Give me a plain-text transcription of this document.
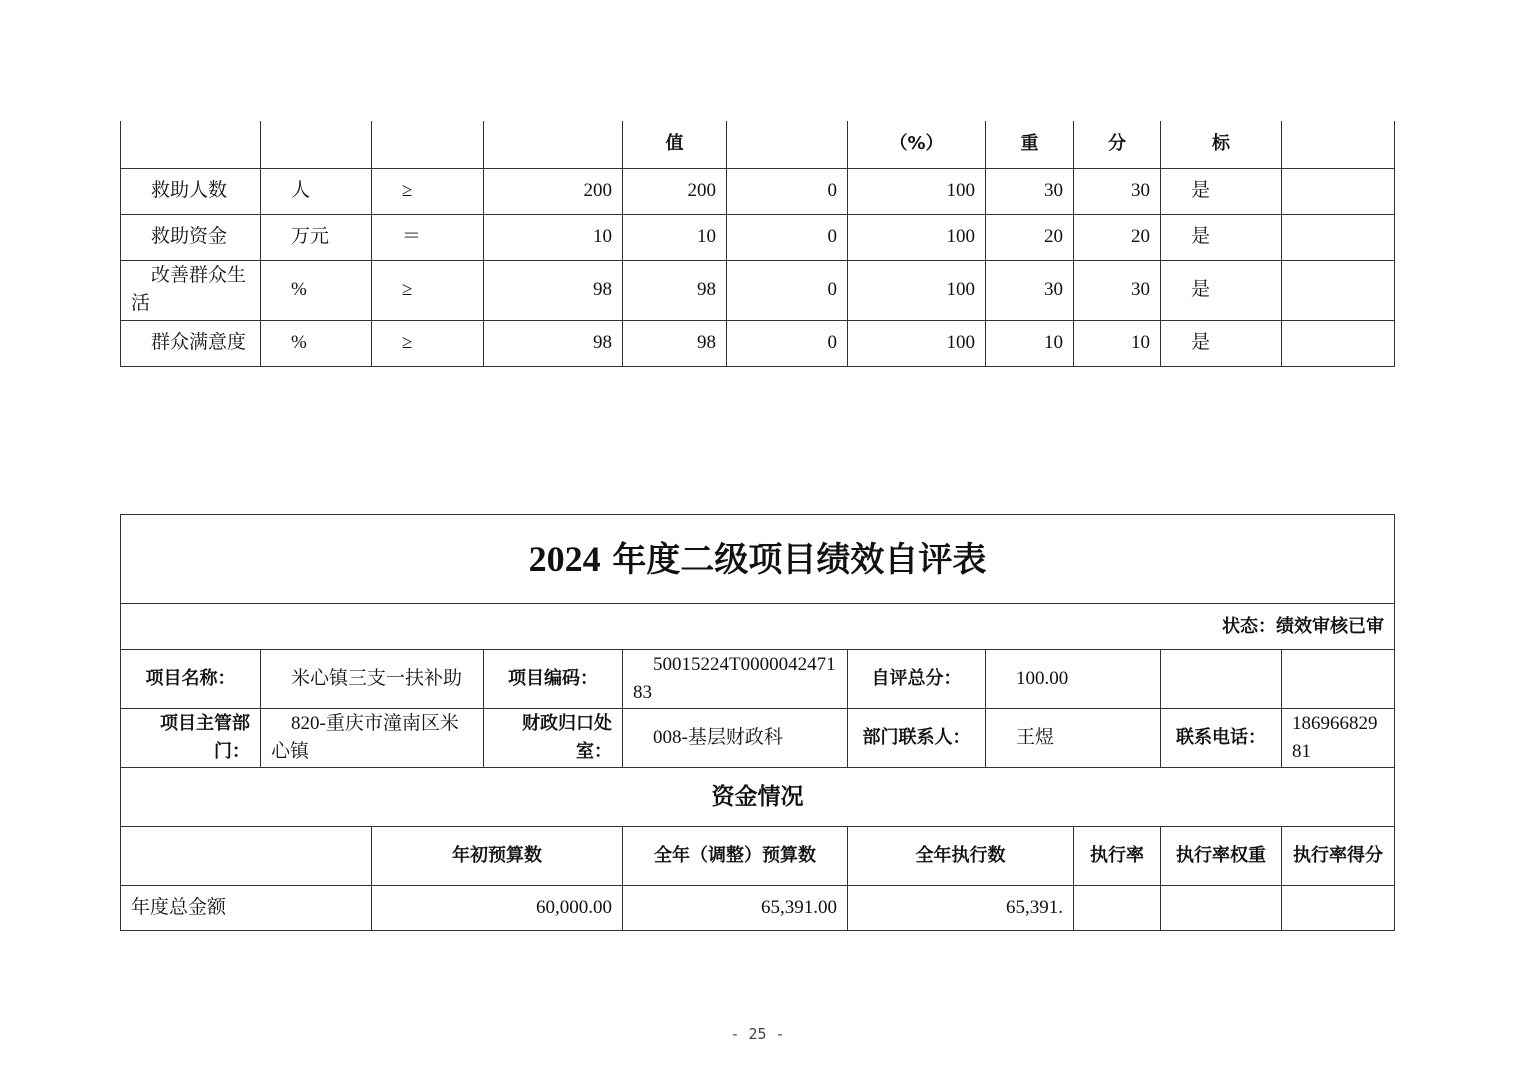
				值		（%）	重	分	标	
救助人数	人	≥	200	200	0	100	30	30	是	
救助资金	万元	＝	10	10	0	100	20	20	是	
改善群众生活	%	≥	98	98	0	100	30	30	是	
群众满意度	%	≥	98	98	0	100	10	10	是	
2024 年度二级项目绩效自评表									
状态：绩效审核已审									
项目名称：	米心镇三支一扶补助		项目编码：	50015224T000004247183	自评总分：	100.00			
项目主管部门：	820-重庆市潼南区米心镇		财政归口处室：	008-基层财政科	部门联系人：	王煜		联系电话：	18696682981
资金情况									
		年初预算数		全年（调整）预算数	全年执行数		执行率	执行率权重	执行率得分
年度总金额		60,000.00		65,391.00	65,391.				
- 25 -
